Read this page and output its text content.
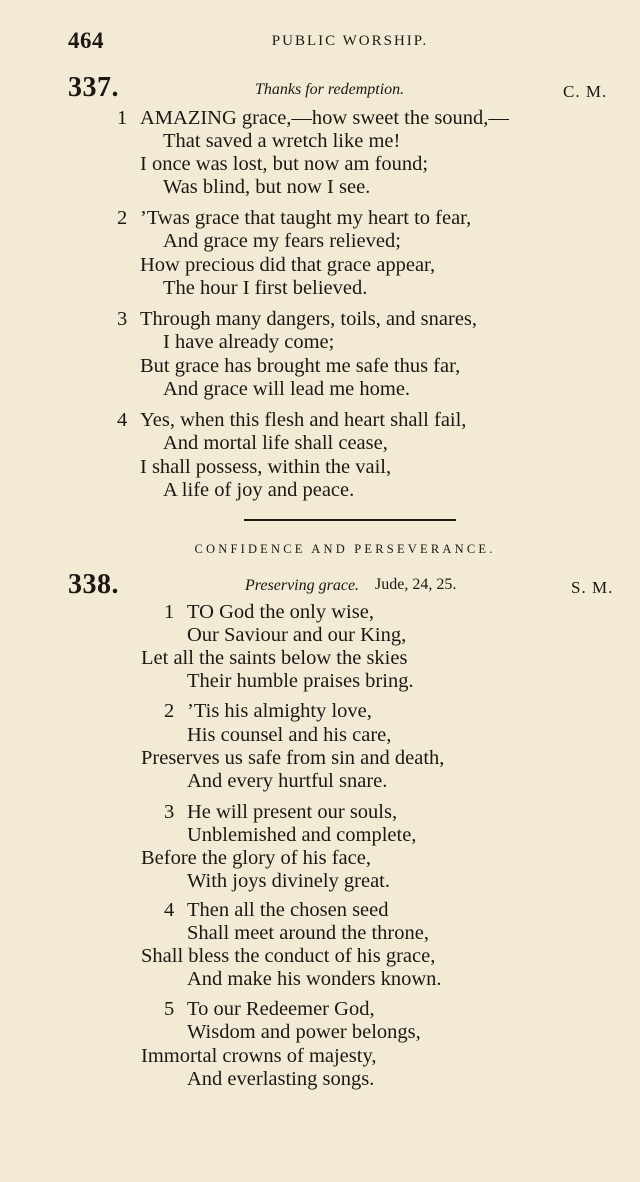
464	PUBLIC WORSHIP.
337.	Thanks for redemption.	C. M.
1 AMAZING grace,—how sweet the sound,—
That saved a wretch like me!
I once was lost, but now am found;
Was blind, but now I see.
2 ’Twas grace that taught my heart to fear,
And grace my fears relieved;
How precious did that grace appear,
The hour I first believed.
3 Through many dangers, toils, and snares,
I have already come;
But grace has brought me safe thus far,
And grace will lead me home.
4 Yes, when this flesh and heart shall fail,
And mortal life shall cease,
I shall possess, within the vail,
A life of joy and peace.
CONFIDENCE AND PERSEVERANCE.
338.	Preserving grace. Jude, 24, 25.	S. M.
1 TO God the only wise,
Our Saviour and our King,
Let all the saints below the skies
Their humble praises bring.
2 ’Tis his almighty love,
His counsel and his care,
Preserves us safe from sin and death,
And every hurtful snare.
3 He will present our souls,
Unblemished and complete,
Before the glory of his face,
With joys divinely great.
4 Then all the chosen seed
Shall meet around the throne,
Shall bless the conduct of his grace,
And make his wonders known.
5 To our Redeemer God,
Wisdom and power belongs,
Immortal crowns of majesty,
And everlasting songs.
